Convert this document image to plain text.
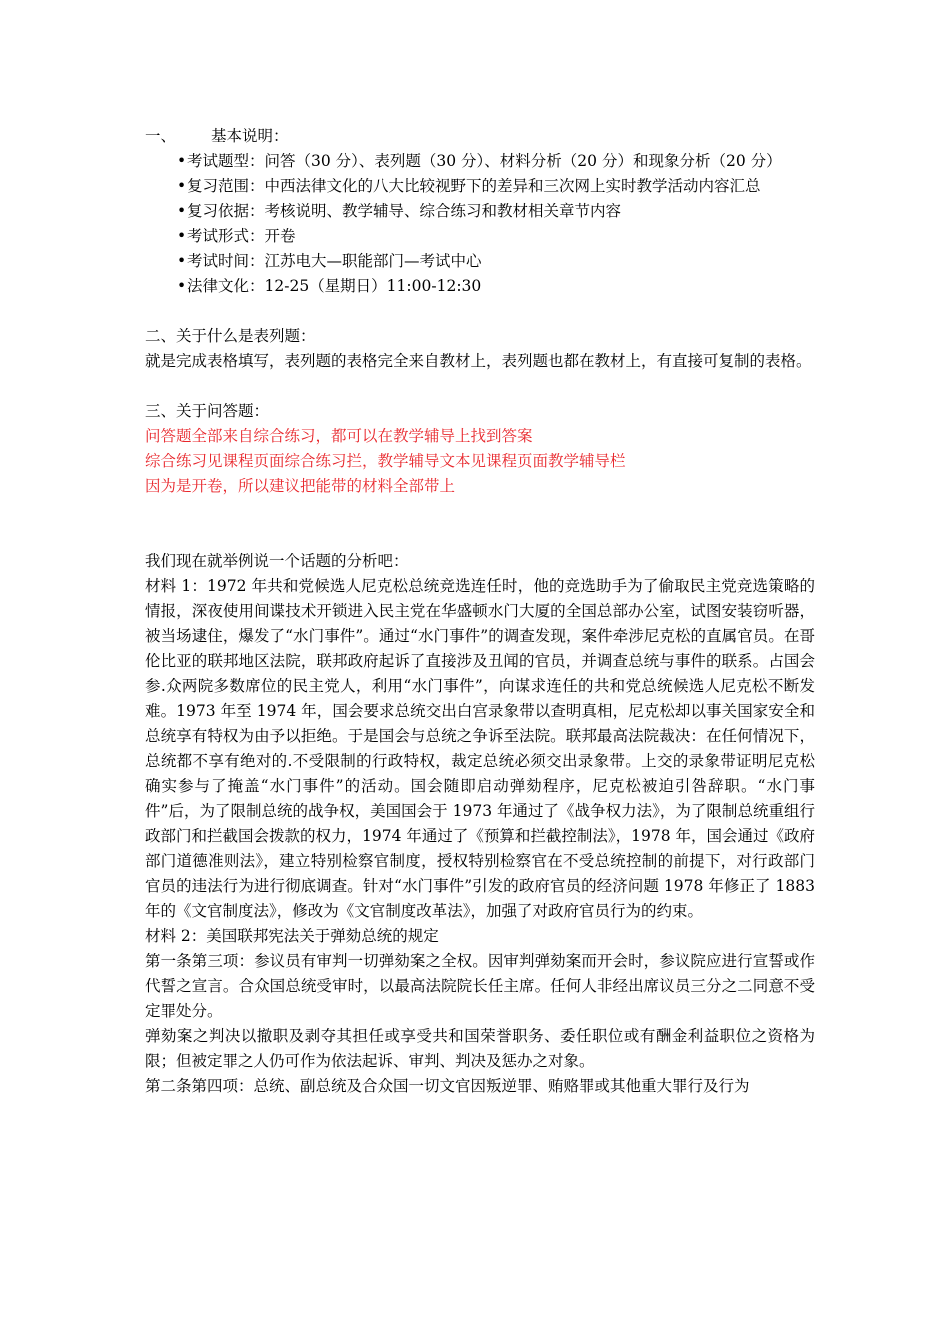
一、	基本说明：
• 考试题型：问答（30 分）、表列题（30 分）、材料分析（20 分）和现象分析（20 分）
• 复习范围：中西法律文化的八大比较视野下的差异和三次网上实时教学活动内容汇总
• 复习依据：考核说明、教学辅导、综合练习和教材相关章节内容
• 考试形式：开卷
• 考试时间：江苏电大—职能部门—考试中心
• 法律文化：12-25（星期日）11:00-12:30

二、关于什么是表列题：

就是完成表格填写，表列题的表格完全来自教材上，表列题也都在教材上，有直接可复制的表格。

三、关于问答题：

问答题全部来自综合练习，都可以在教学辅导上找到答案

综合练习见课程页面综合练习拦，教学辅导文本见课程页面教学辅导栏

因为是开卷，所以建议把能带的材料全部带上

我们现在就举例说一个话题的分析吧：

材料 1：1972 年共和党候选人尼克松总统竞选连任时，他的竞选助手为了偷取民主党竞选策略的情报，深夜使用间谍技术开锁进入民主党在华盛顿水门大厦的全国总部办公室，试图安装窃听器，被当场逮住，爆发了“水门事件”。通过“水门事件”的调查发现，案件牵涉尼克松的直属官员。在哥伦比亚的联邦地区法院，联邦政府起诉了直接涉及丑闻的官员，并调查总统与事件的联系。占国会参.众两院多数席位的民主党人，利用“水门事件”，向谋求连任的共和党总统候选人尼克松不断发难。1973 年至 1974 年，国会要求总统交出白宫录象带以查明真相，尼克松却以事关国家安全和总统享有特权为由予以拒绝。于是国会与总统之争诉至法院。联邦最高法院裁决：在任何情况下，总统都不享有绝对的.不受限制的行政特权，裁定总统必须交出录象带。上交的录象带证明尼克松确实参与了掩盖“水门事件”的活动。国会随即启动弹劾程序，尼克松被迫引咎辞职。“水门事件”后，为了限制总统的战争权，美国国会于 1973 年通过了《战争权力法》，为了限制总统重组行政部门和拦截国会拨款的权力，1974 年通过了《预算和拦截控制法》，1978 年，国会通过《政府部门道德准则法》，建立特别检察官制度，授权特别检察官在不受总统控制的前提下，对行政部门官员的违法行为进行彻底调查。针对“水门事件”引发的政府官员的经济问题 1978 年修正了 1883 年的《文官制度法》，修改为《文官制度改革法》，加强了对政府官员行为的约束。

材料 2：美国联邦宪法关于弹劾总统的规定

第一条第三项：参议员有审判一切弹劾案之全权。因审判弹劾案而开会时，参议院应进行宣誓或作代誓之宣言。合众国总统受审时，以最高法院院长任主席。任何人非经出席议员三分之二同意不受定罪处分。

弹劾案之判决以撤职及剥夺其担任或享受共和国荣誉职务、委任职位或有酬金利益职位之资格为限；但被定罪之人仍可作为依法起诉、审判、判决及惩办之对象。

第二条第四项：总统、副总统及合众国一切文官因叛逆罪、贿赂罪或其他重大罪行及行为
